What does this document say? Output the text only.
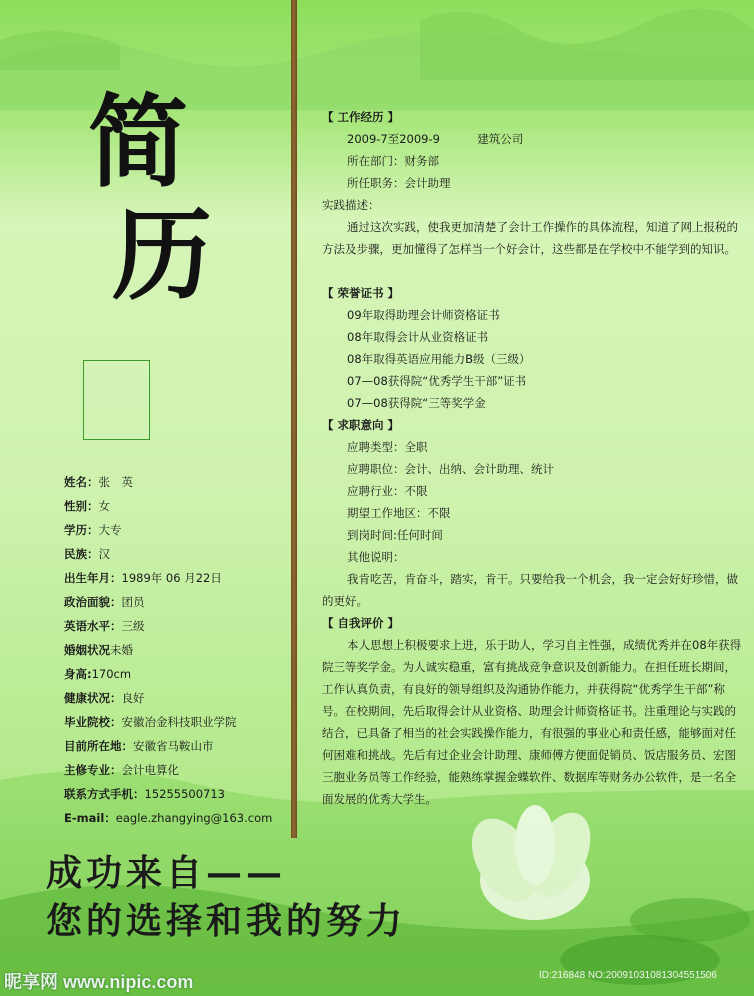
简
历
姓名：张　英
性别：女
学历：大专
民族：汉
出生年月：1989年 06 月22日
政治面貌：团员
英语水平：三级
婚姻状况未婚
身高:170cm
健康状况：良好
毕业院校：安徽冶金科技职业学院
目前所在地：安徽省马鞍山市
主修专业：会计电算化
联系方式手机：15255500713
E-mail：eagle.zhangying@163.com
【 工作经历 】
2009-7至2009-9	建筑公司
所在部门：财务部
所任职务：会计助理
实践描述：
通过这次实践，使我更加清楚了会计工作操作的具体流程，知道了网上报税的方法及步骤，更加懂得了怎样当一个好会计，这些都是在学校中不能学到的知识。
【 荣誉证书 】
09年取得助理会计师资格证书
08年取得会计从业资格证书
08年取得英语应用能力B级（三级）
07—08获得院“优秀学生干部”证书
07—08获得院“三等奖学金
【 求职意向 】
应聘类型：全职
应聘职位：会计、出纳、会计助理、统计
应聘行业：不限
期望工作地区：不限
到岗时间:任何时间
其他说明：
我肯吃苦，肯奋斗，踏实，肯干。只要给我一个机会，我一定会好好珍惜，做的更好。
【 自我评价 】
本人思想上积极要求上进，乐于助人，学习自主性强，成绩优秀并在08年获得院三等奖学金。为人诚实稳重，富有挑战竞争意识及创新能力。在担任班长期间，工作认真负责，有良好的领导组织及沟通协作能力，并获得院“优秀学生干部”称号。在校期间，先后取得会计从业资格、助理会计师资格证书。注重理论与实践的结合，已具备了相当的社会实践操作能力，有很强的事业心和责任感，能够面对任何困难和挑战。先后有过企业会计助理、康师傅方便面促销员、饭店服务员、宏图三胞业务员等工作经验，能熟练掌握金蝶软件、数据库等财务办公软件，是一名全面发展的优秀大学生。
成功来自——
您的选择和我的努力
昵享网 www.nipic.com	ID:216848 NO:20091031081304551506
